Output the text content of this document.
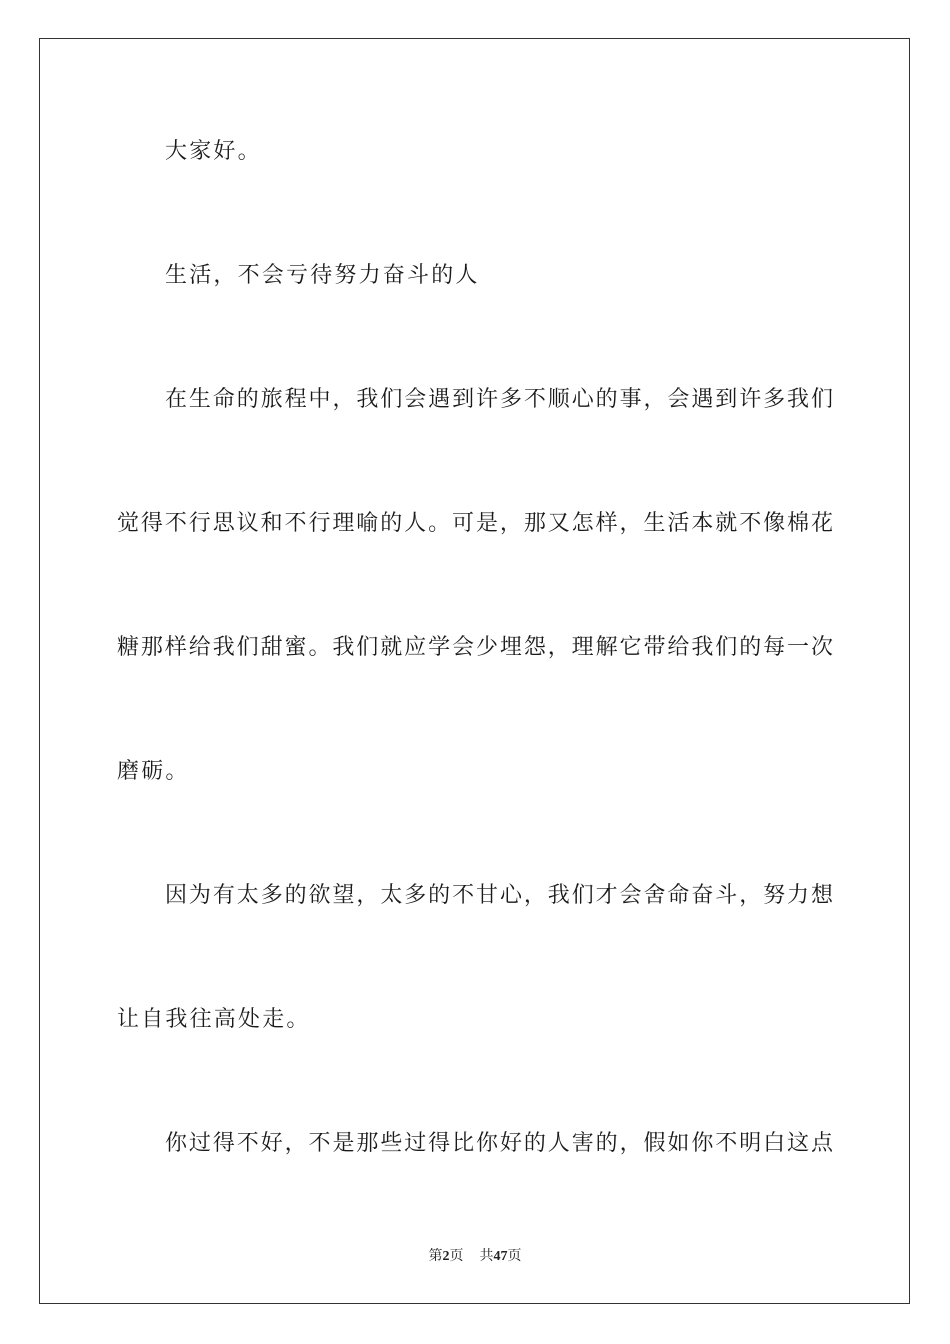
大家好。
生活，不会亏待努力奋斗的人
在生命的旅程中，我们会遇到许多不顺心的事，会遇到许多我们
觉得不行思议和不行理喻的人。可是，那又怎样，生活本就不像棉花
糖那样给我们甜蜜。我们就应学会少埋怨，理解它带给我们的每一次
磨砺。
因为有太多的欲望，太多的不甘心，我们才会舍命奋斗，努力想
让自我往高处走。
你过得不好，不是那些过得比你好的人害的，假如你不明白这点
第2页 共47页
